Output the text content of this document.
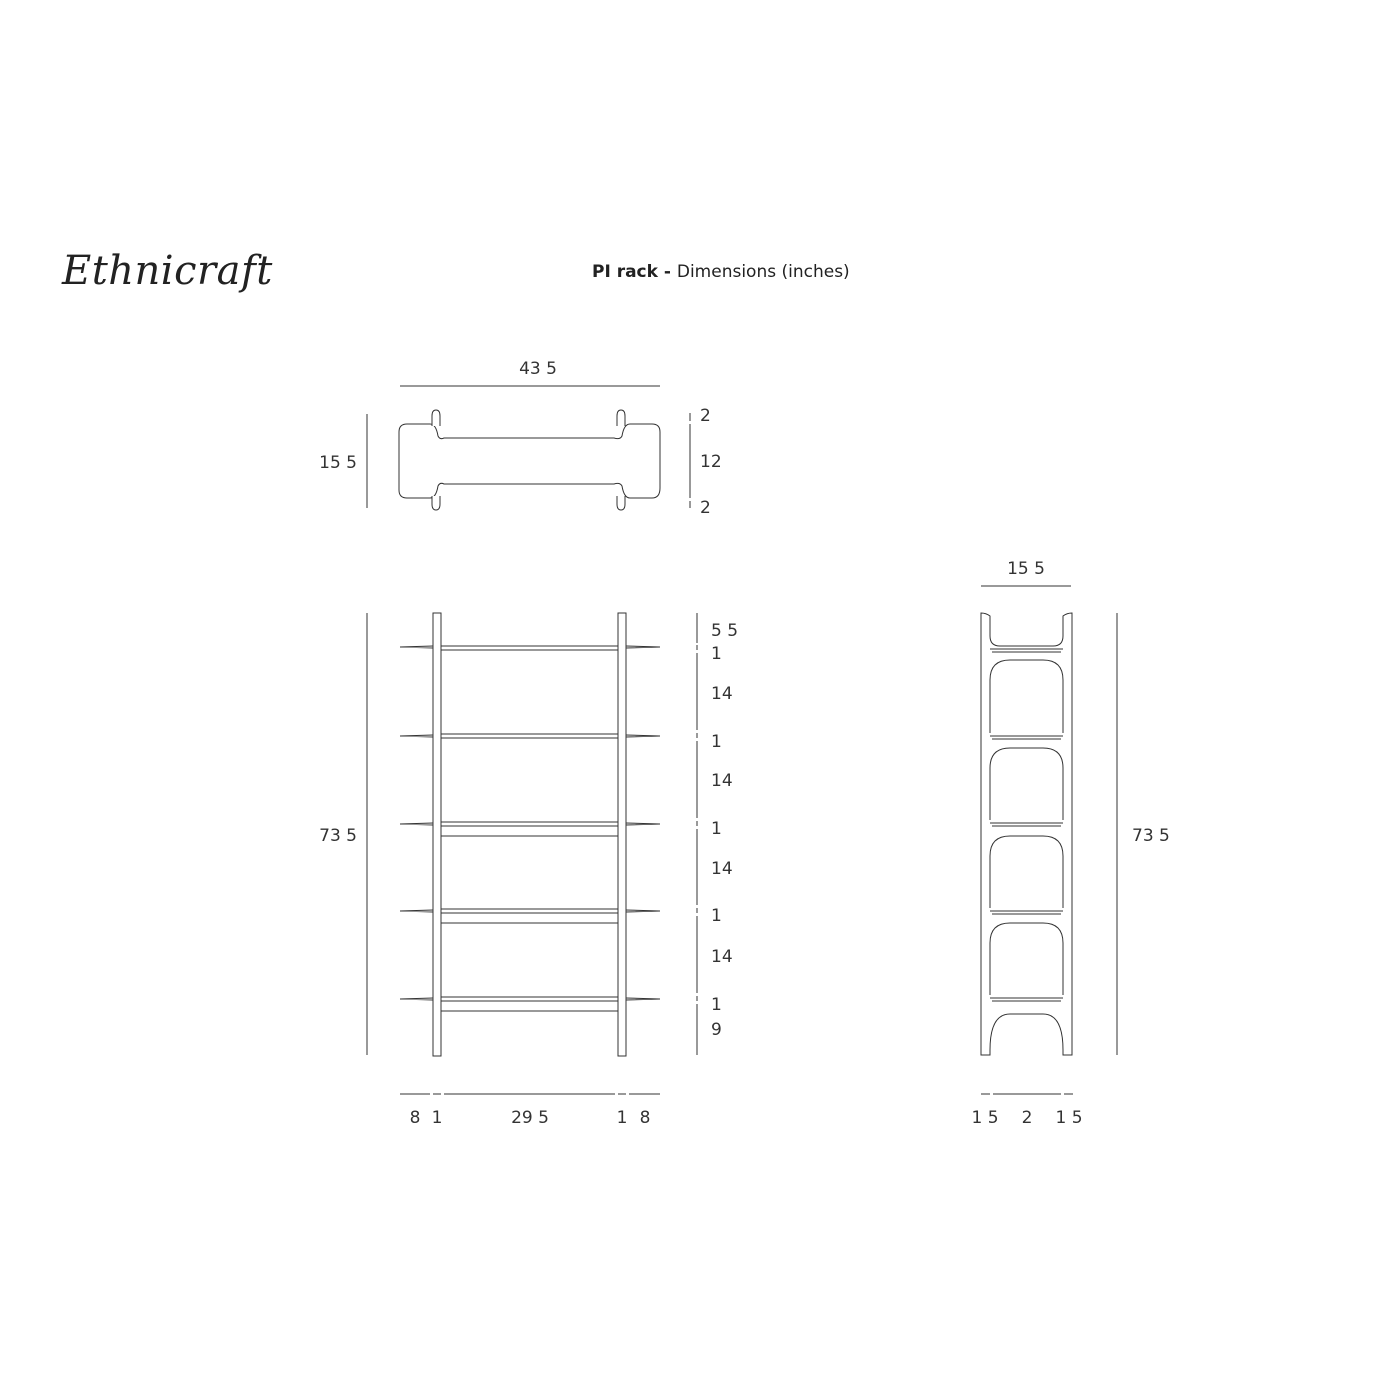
Ethnicraft	PI rack - Dimensions (inches)
43 5
15 5
2
12
2
73 5
5 5
1
14
1
14
1
14
1
14
1
9
8 1	29 5	1 8
15 5
73 5
1 5 2 1 5
